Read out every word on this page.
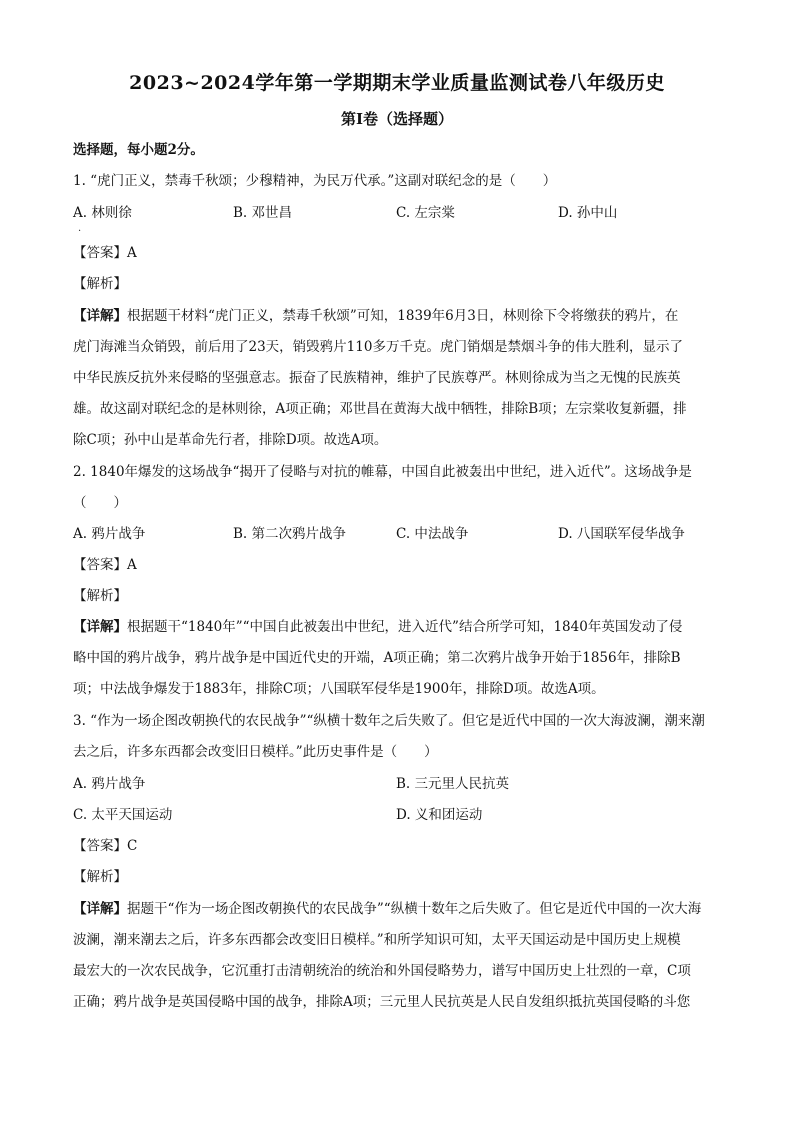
2023~2024学年第一学期期末学业质量监测试卷八年级历史
第Ⅰ卷（选择题）
选择题，每小题2分。
1. “虎门正义，禁毒千秋颂；少穆精神，为民万代承。”这副对联纪念的是（　　）
A. 林则徐	B. 邓世昌	C. 左宗棠	D. 孙中山
·
【答案】A
【解析】
【详解】根据题干材料“虎门正义，禁毒千秋颂”可知，1839年6月3日，林则徐下令将缴获的鸦片，在
虎门海滩当众销毁，前后用了23天，销毁鸦片110多万千克。虎门销烟是禁烟斗争的伟大胜利，显示了
中华民族反抗外来侵略的坚强意志。振奋了民族精神，维护了民族尊严。林则徐成为当之无愧的民族英
雄。故这副对联纪念的是林则徐，A项正确；邓世昌在黄海大战中牺牲，排除B项；左宗棠收复新疆，排
除C项；孙中山是革命先行者，排除D项。故选A项。
2. 1840年爆发的这场战争“揭开了侵略与对抗的帷幕，中国自此被轰出中世纪，进入近代”。这场战争是
（　　）
A. 鸦片战争	B. 第二次鸦片战争	C. 中法战争	D. 八国联军侵华战争
【答案】A
【解析】
【详解】根据题干“1840年”“中国自此被轰出中世纪，进入近代”结合所学可知，1840年英国发动了侵
略中国的鸦片战争，鸦片战争是中国近代史的开端，A项正确；第二次鸦片战争开始于1856年，排除B
项；中法战争爆发于1883年，排除C项；八国联军侵华是1900年，排除D项。故选A项。
3. “作为一场企图改朝换代的农民战争”“纵横十数年之后失败了。但它是近代中国的一次大海波澜，潮来潮
去之后，许多东西都会改变旧日模样。”此历史事件是（　　）
A. 鸦片战争	B. 三元里人民抗英
C. 太平天国运动	D. 义和团运动
【答案】C
【解析】
【详解】据题干“作为一场企图改朝换代的农民战争”“纵横十数年之后失败了。但它是近代中国的一次大海
波澜，潮来潮去之后，许多东西都会改变旧日模样。”和所学知识可知，太平天国运动是中国历史上规模
最宏大的一次农民战争，它沉重打击清朝统治的统治和外国侵略势力，谱写中国历史上壮烈的一章，C项
正确；鸦片战争是英国侵略中国的战争，排除A项；三元里人民抗英是人民自发组织抵抗英国侵略的斗您
